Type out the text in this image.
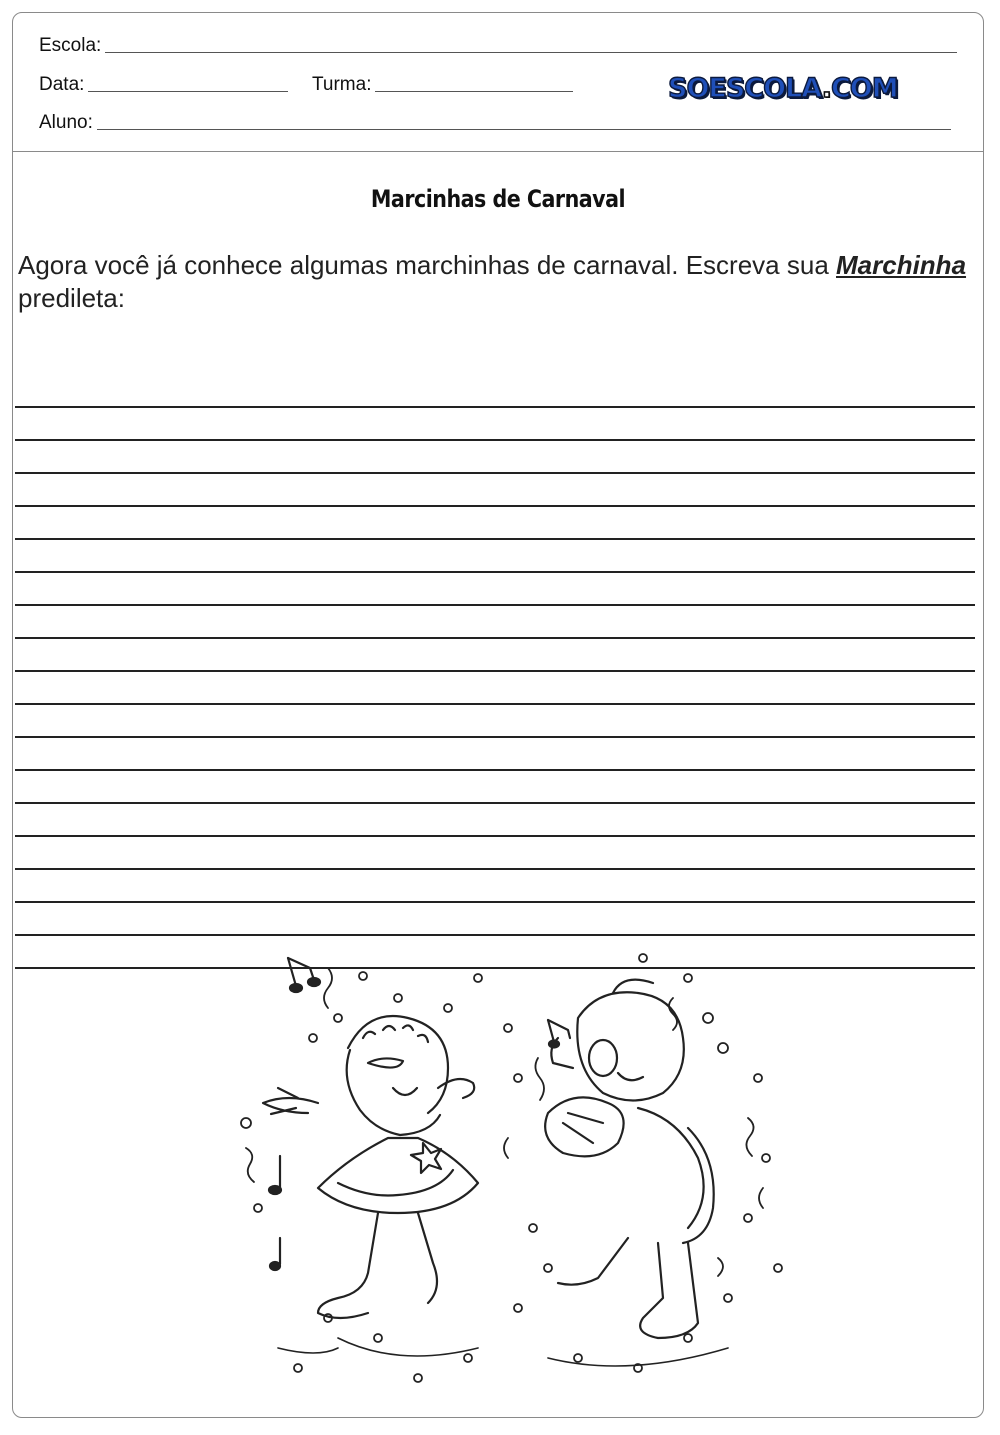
Escola:
Data:	Turma:
Aluno:
SOESCOLA.COM
Marcinhas de Carnaval
Agora você já conhece algumas marchinhas de carnaval. Escreva sua Marchinha predileta:
